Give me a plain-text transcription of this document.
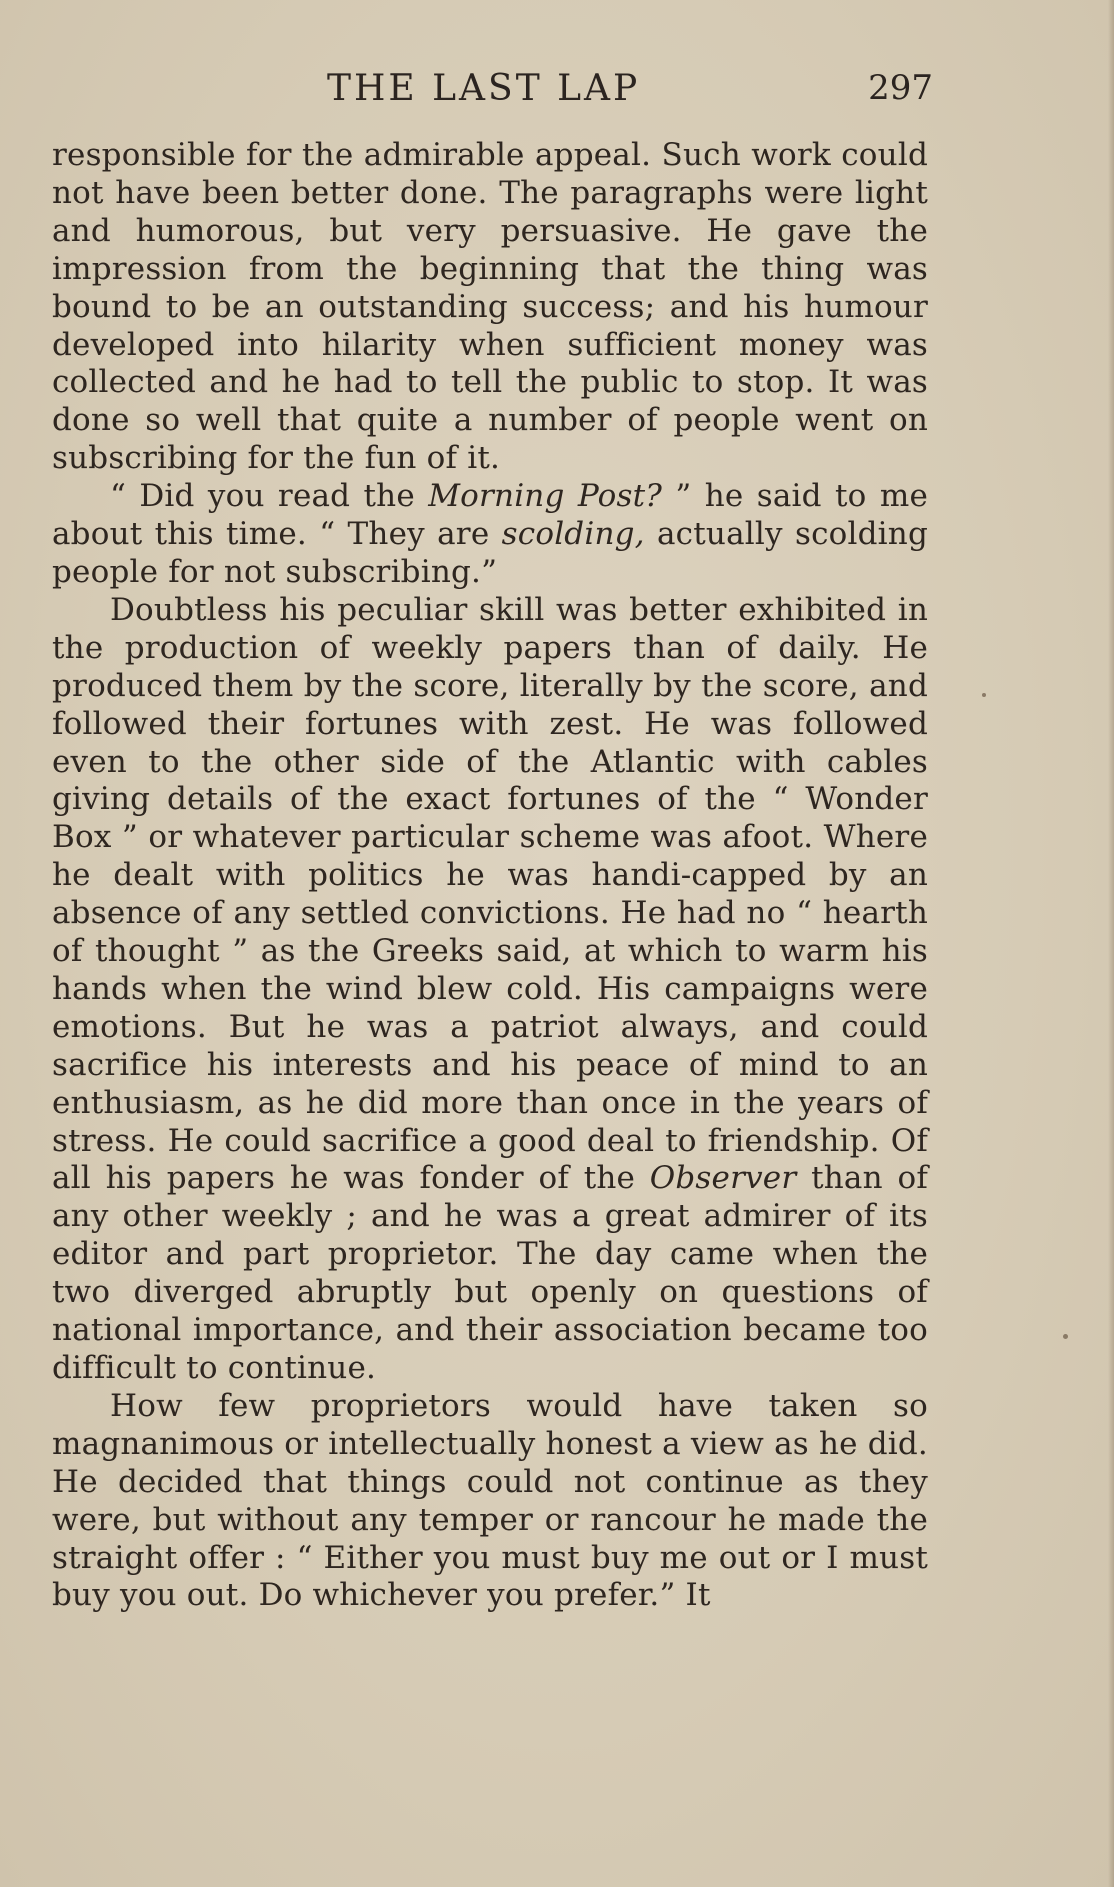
THE LAST LAP	297

responsible for the admirable appeal. Such work could not have been better done. The paragraphs were light and humorous, but very persuasive. He gave the impression from the beginning that the thing was bound to be an outstanding success; and his humour developed into hilarity when sufficient money was collected and he had to tell the public to stop. It was done so well that quite a number of people went on subscribing for the fun of it.

“ Did you read the Morning Post? ” he said to me about this time. “ They are scolding, actually scolding people for not subscribing.”

Doubtless his peculiar skill was better exhibited in the production of weekly papers than of daily. He produced them by the score, literally by the score, and followed their fortunes with zest. He was followed even to the other side of the Atlantic with cables giving details of the exact fortunes of the “ Wonder Box ” or whatever particular scheme was afoot. Where he dealt with politics he was handi-capped by an absence of any settled convictions. He had no “ hearth of thought ” as the Greeks said, at which to warm his hands when the wind blew cold. His campaigns were emotions. But he was a patriot always, and could sacrifice his interests and his peace of mind to an enthusiasm, as he did more than once in the years of stress. He could sacrifice a good deal to friendship. Of all his papers he was fonder of the Observer than of any other weekly ; and he was a great admirer of its editor and part proprietor. The day came when the two diverged abruptly but openly on questions of national importance, and their association became too difficult to continue.

How few proprietors would have taken so magnanimous or intellectually honest a view as he did. He decided that things could not continue as they were, but without any temper or rancour he made the straight offer : “ Either you must buy me out or I must buy you out. Do whichever you prefer.” It
